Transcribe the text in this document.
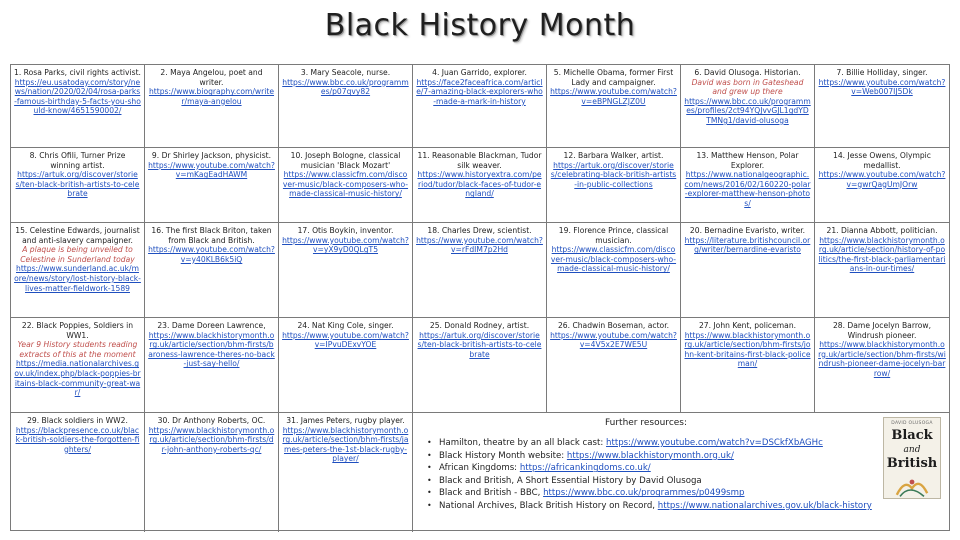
Black History Month
1. Rosa Parks, civil rights activist.
https://eu.usatoday.com/story/news/nation/2020/02/04/rosa-parks-famous-birthday-5-facts-you-should-know/4651590002/
2. Maya Angelou, poet and writer.
https://www.biography.com/writer/maya-angelou
3. Mary Seacole, nurse.
https://www.bbc.co.uk/programmes/p07qvy82
4. Juan Garrido, explorer.
https://face2faceafrica.com/article/7-amazing-black-explorers-who-made-a-mark-in-history
5. Michelle Obama, former First Lady and campaigner.
https://www.youtube.com/watch?v=eBPNGLZJZ0U
6. David Olusoga. Historian.
David was born in Gateshead and grew up there
https://www.bbc.co.uk/programmes/profiles/2ct94YQJvvGJL1gdYDTMNg1/david-olusoga
7. Billie Holliday, singer.
https://www.youtube.com/watch?v=Web007IJ5Dk
8. Chris Ofili, Turner Prize winning artist.
https://artuk.org/discover/stories/ten-black-british-artists-to-celebrate
9. Dr Shirley Jackson, physicist.
https://www.youtube.com/watch?v=mKagEadHAWM
10. Joseph Bologne, classical musician 'Black Mozart'
https://www.classicfm.com/discover-music/black-composers-who-made-classical-music-history/
11. Reasonable Blackman, Tudor silk weaver.
https://www.historyextra.com/period/tudor/black-faces-of-tudor-england/
12. Barbara Walker, artist.
https://artuk.org/discover/stories/celebrating-black-british-artists-in-public-collections
13. Matthew Henson, Polar Explorer.
https://www.nationalgeographic.com/news/2016/02/160220-polar-explorer-matthew-henson-photos/
14. Jesse Owens, Olympic medallist.
https://www.youtube.com/watch?v=gwrQagUmJOrw
15. Celestine Edwards, journalist and anti-slavery campaigner.
A plaque is being unveiled to Celestine in Sunderland today
https://www.sunderland.ac.uk/more/news/story/lost-history-black-lives-matter-fieldwork-1589
16. The first Black Briton, taken from Black and British.
https://www.youtube.com/watch?v=y40KLB6k5iQ
17. Otis Boykin, inventor.
https://www.youtube.com/watch?v=yX9yD0QLgT5
18. Charles Drew, scientist.
https://www.youtube.com/watch?v=rFdIM7p2Hd
19. Florence Prince, classical musician.
https://www.classicfm.com/discover-music/black-composers-who-made-classical-music-history/
20. Bernadine Evaristo, writer.
https://literature.britishcouncil.org/writer/bernardine-evaristo
21. Dianna Abbott, politician.
https://www.blackhistorymonth.org.uk/article/section/history-of-politics/the-first-black-parliamentarians-in-our-times/
22. Black Poppies, Soldiers in WW1.
Year 9 History students reading extracts of this at the moment
https://media.nationalarchives.gov.uk/index.php/black-poppies-britains-black-community-great-war/
23. Dame Doreen Lawrence,
https://www.blackhistorymonth.org.uk/article/section/bhm-firsts/baroness-lawrence-theres-no-back-just-say-hello/
24. Nat King Cole, singer.
https://www.youtube.com/watch?v=IPvuDExvYOE
25. Donald Rodney, artist.
https://artuk.org/discover/stories/ten-black-british-artists-to-celebrate
26. Chadwin Boseman, actor.
https://www.youtube.com/watch?v=4V5x2E7WE5U
27. John Kent, policeman.
https://www.blackhistorymonth.org.uk/article/section/bhm-firsts/john-kent-britains-first-black-policeman/
28. Dame Jocelyn Barrow, Windrush pioneer.
https://www.blackhistorymonth.org.uk/article/section/bhm-firsts/windrush-pioneer-dame-jocelyn-barrow/
29. Black soldiers in WW2.
https://blackpresence.co.uk/black-british-soldiers-the-forgotten-fighters/
30. Dr Anthony Roberts, OC.
https://www.blackhistorymonth.org.uk/article/section/bhm-firsts/dr-john-anthony-roberts-qc/
31. James Peters, rugby player.
https://www.blackhistorymonth.org.uk/article/section/bhm-firsts/james-peters-the-1st-black-rugby-player/
Further resources:
• Hamilton, theatre by an all black cast: https://www.youtube.com/watch?v=DSCkfXbAGHc
• Black History Month website: https://www.blackhistorymonth.org.uk/
• African Kingdoms: https://africankingdoms.co.uk/
• Black and British, A Short Essential History by David Olusoga
• Black and British - BBC, https://www.bbc.co.uk/programmes/p0499smp
• National Archives, Black British History on Record, https://www.nationalarchives.gov.uk/black-history
DAVID OLUSOGA
Black
and
British
